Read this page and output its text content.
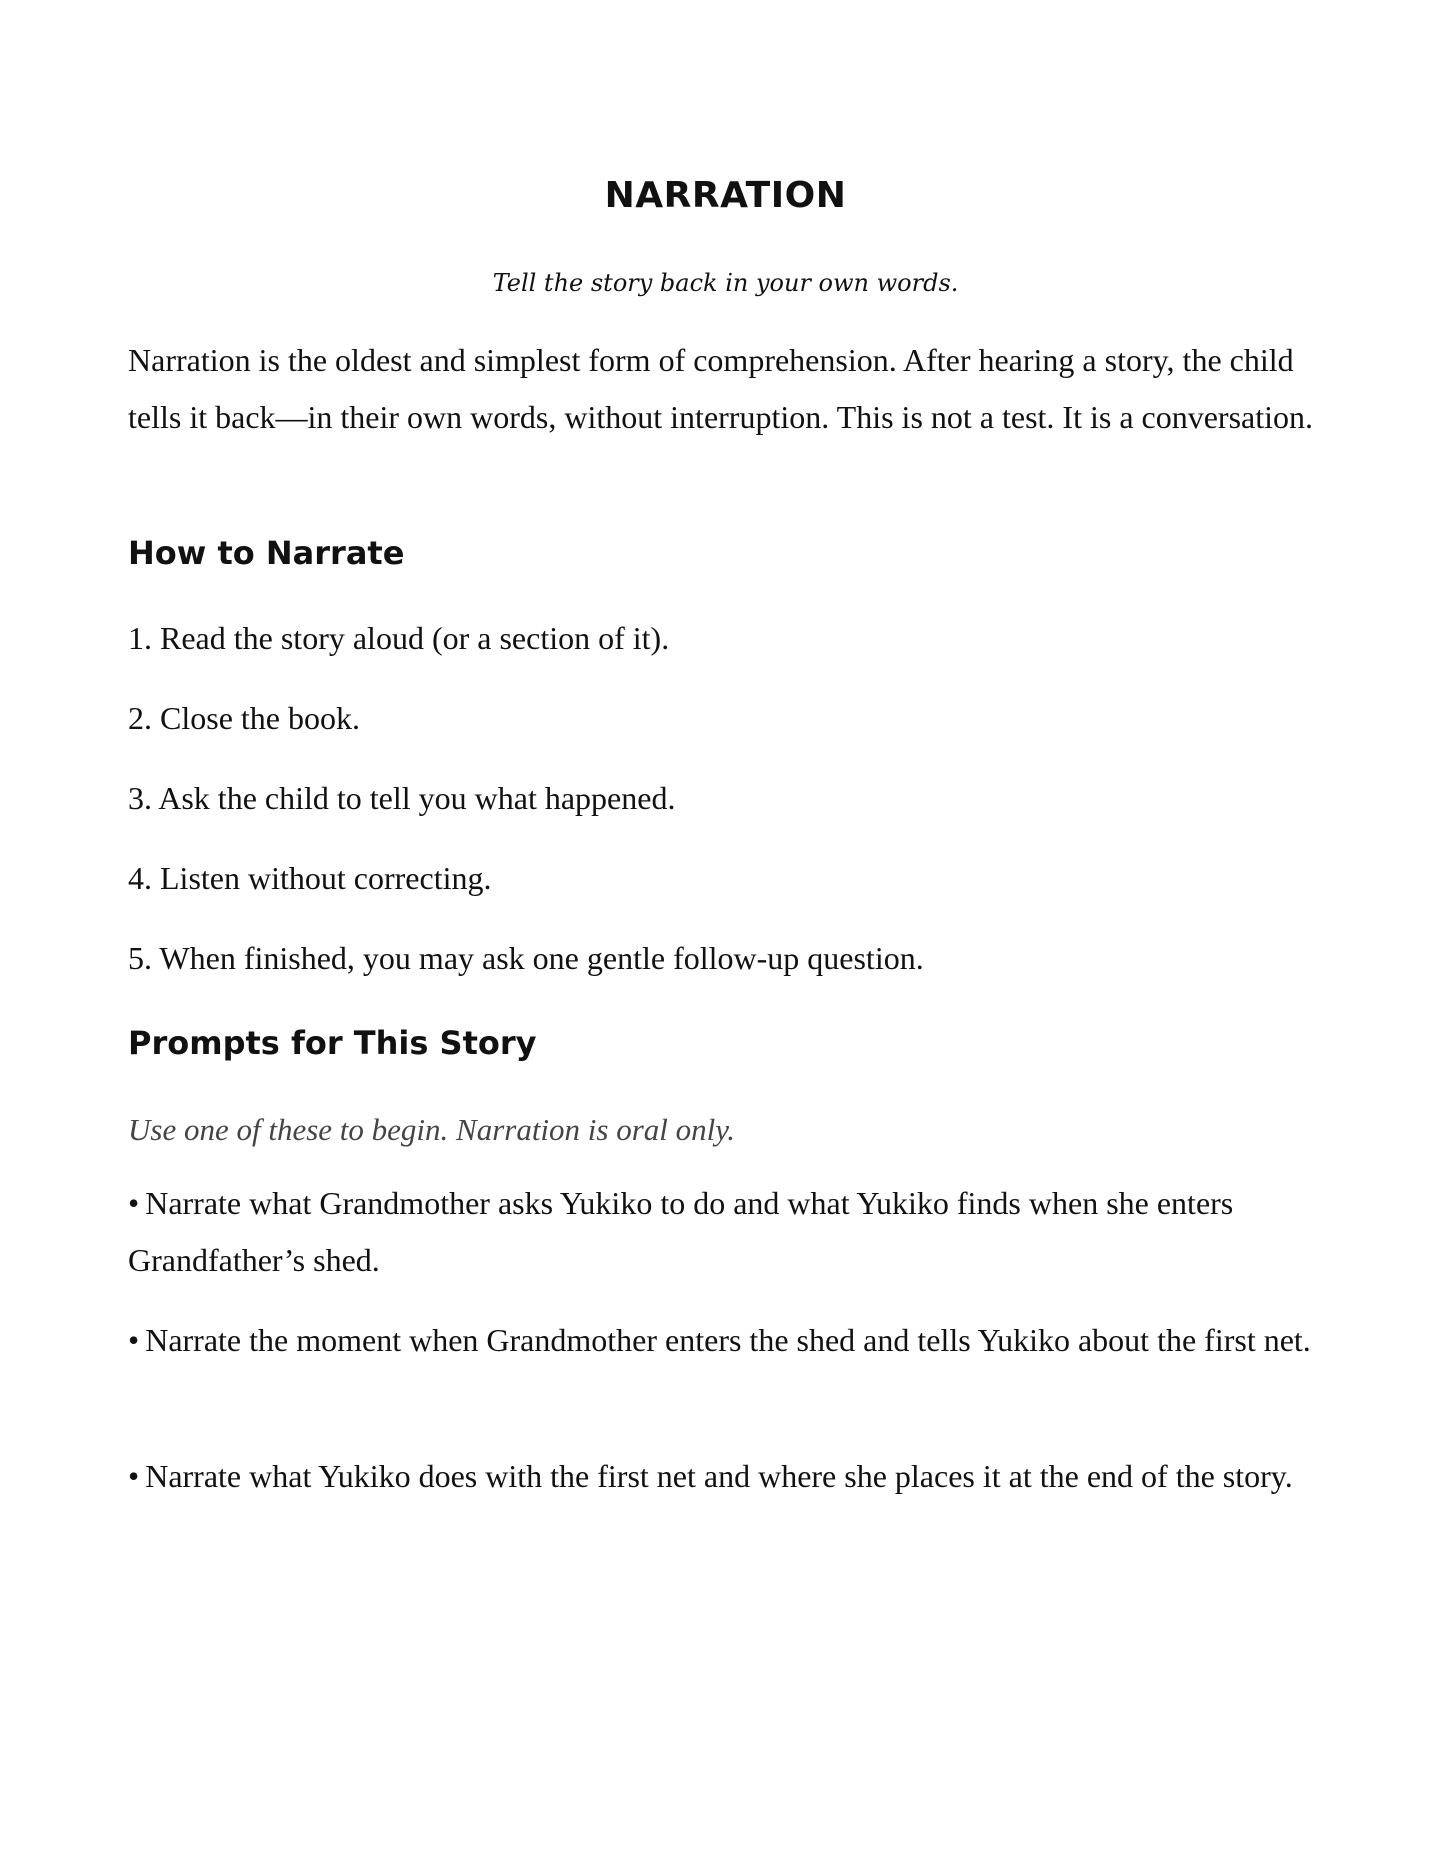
NARRATION

Tell the story back in your own words.

Narration is the oldest and simplest form of comprehension. After hearing a story, the child tells it back—in their own words, without interruption. This is not a test. It is a conversation.

How to Narrate

1. Read the story aloud (or a section of it).

2. Close the book.

3. Ask the child to tell you what happened.

4. Listen without correcting.

5. When finished, you may ask one gentle follow-up question.

Prompts for This Story

Use one of these to begin. Narration is oral only.

• Narrate what Grandmother asks Yukiko to do and what Yukiko finds when she enters Grandfather’s shed.

• Narrate the moment when Grandmother enters the shed and tells Yukiko about the first net.

• Narrate what Yukiko does with the first net and where she places it at the end of the story.
